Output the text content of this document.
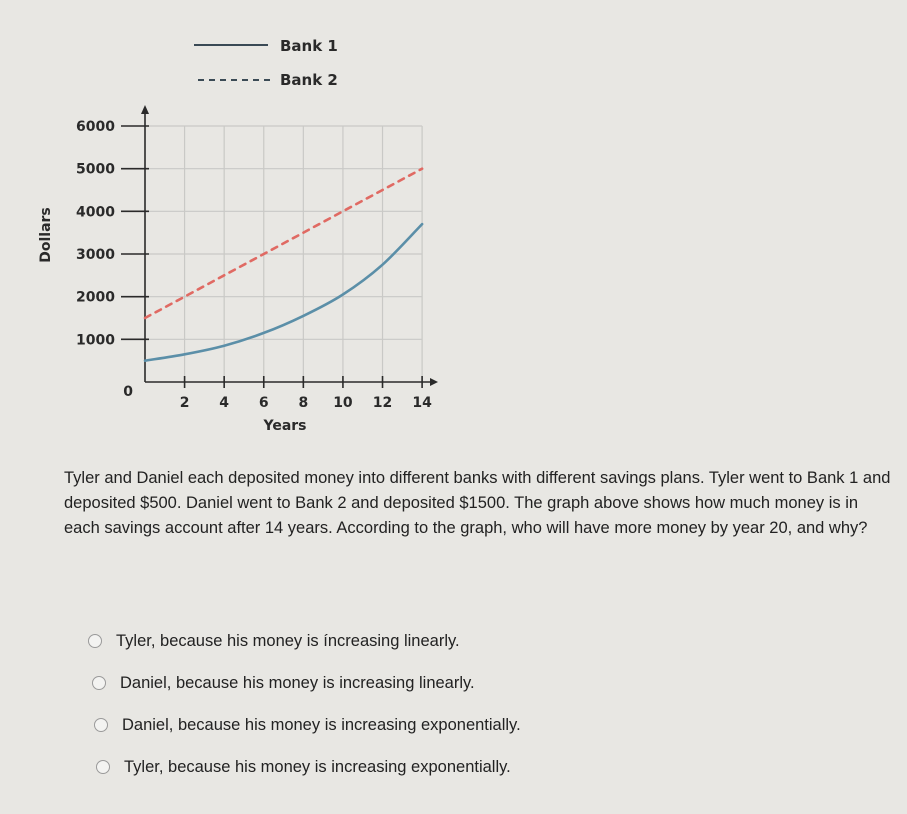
0
1000
2000
3000
4000
5000
6000
2 4 6 8 10 12 14
Bank 1
Bank 2
Years
Dollars
Tyler and Daniel each deposited money into different banks with different savings plans. Tyler went to Bank 1 and deposited $500. Daniel went to Bank 2 and deposited $1500. The graph above shows how much money is in each savings account after 14 years. According to the graph, who will have more money by year 20, and why?
Tyler, because his money is íncreasing linearly.
Daniel, because his money is increasing linearly.
Daniel, because his money is increasing exponentially.
Tyler, because his money is increasing exponentially.
